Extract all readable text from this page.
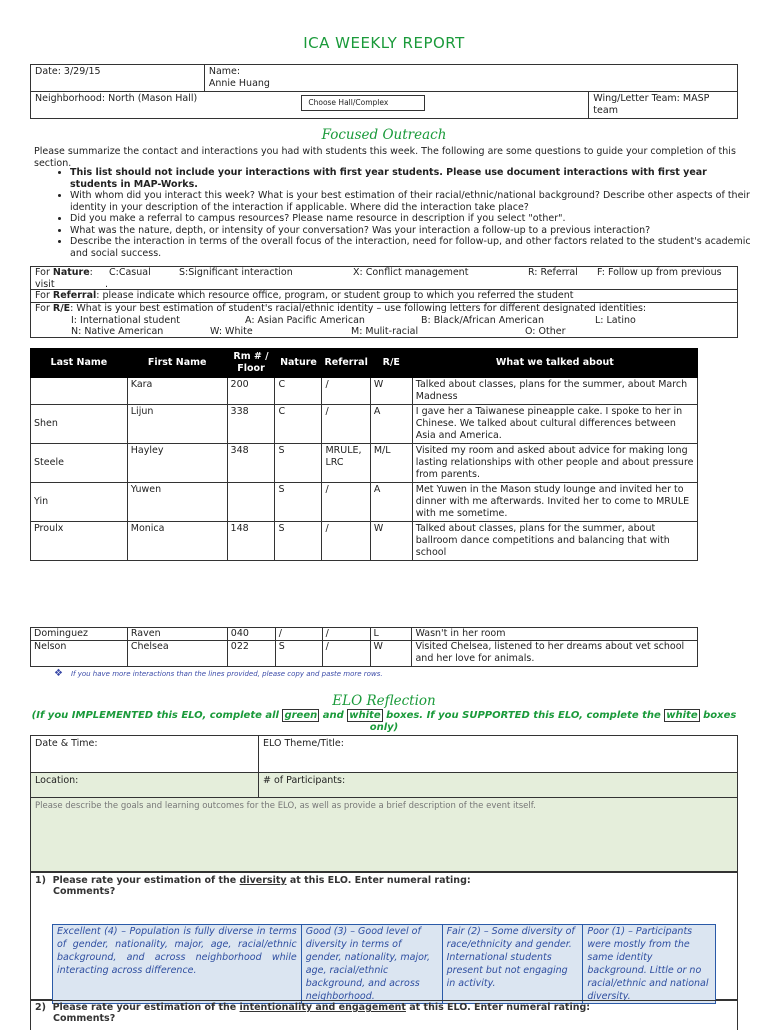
ICA WEEKLY REPORT
Date: 3/29/15	Name:
Annie Huang	
Neighborhood: North (Mason Hall)	Choose Hall/Complex	Wing/Letter Team: MASP team
Focused Outreach
Please summarize the contact and interactions you had with students this week. The following are some questions to guide your completion of this section.
• This list should not include your interactions with first year students. Please use document interactions with first year students in MAP-Works.
• With whom did you interact this week? What is your best estimation of their racial/ethnic/national background? Describe other aspects of their identity in your description of the interaction if applicable. Where did the interaction take place?
• Did you make a referral to campus resources? Please name resource in description if you select "other".
• What was the nature, depth, or intensity of your conversation? Was your interaction a follow-up to a previous interaction?
• Describe the interaction in terms of the overall focus of the interaction, need for follow-up, and other factors related to the student's academic and social success.
For Nature: C:Casual	S:Significant interaction	X: Conflict management	R: Referral F: Follow up from previous
visit	.
For Referral: please indicate which resource office, program, or student group to which you referred the student
For R/E: What is your best estimation of student's racial/ethnic identity – use following letters for different designated identities:
I: International student	A: Asian Pacific American	B: Black/African American	L: Latino
N: Native American	W: White	M: Mulit-racial	O: Other
Last Name	First Name	Rm # / Floor	Nature	Referral	R/E	What we talked about
	Kara	200	C	/	W	Talked about classes, plans for the summer, about March Madness
Shen	Lijun	338	C	/	A	I gave her a Taiwanese pineapple cake. I spoke to her in Chinese. We talked about cultural differences between Asia and America.
Steele	Hayley	348	S	MRULE, LRC	M/L	Visited my room and asked about advice for making long lasting relationships with other people and about pressure from parents.
Yin	Yuwen		S	/	A	Met Yuwen in the Mason study lounge and invited her to dinner with me afterwards. Invited her to come to MRULE with me sometime.
Proulx	Monica	148	S	/	W	Talked about classes, plans for the summer, about ballroom dance competitions and balancing that with school
Dominguez	Raven	040	/	/	L	Wasn't in her room
Nelson	Chelsea	022	S	/	W	Visited Chelsea, listened to her dreams about vet school and her love for animals.
❖ If you have more interactions than the lines provided, please copy and paste more rows.
ELO Reflection
(If you IMPLEMENTED this ELO, complete all green and white boxes. If you SUPPORTED this ELO, complete the white boxes only)
Date & Time:	ELO Theme/Title:
Location:	# of Participants:
Please describe the goals and learning outcomes for the ELO, as well as provide a brief description of the event itself.	
1) Please rate your estimation of the diversity at this ELO. Enter numeral rating:
Comments?
Excellent (4) – Population is fully diverse in terms of gender, nationality, major, age, racial/ethnic background, and across neighborhood while interacting across difference.	Good (3) – Good level of diversity in terms of gender, nationality, major, age, racial/ethnic background, and across neighborhood.	Fair (2) – Some diversity of race/ethnicity and gender. International students present but not engaging in activity.	Poor (1) – Participants were mostly from the same identity background. Little or no racial/ethnic and national diversity.
2) Please rate your estimation of the intentionality and engagement at this ELO. Enter numeral rating:
Comments?
